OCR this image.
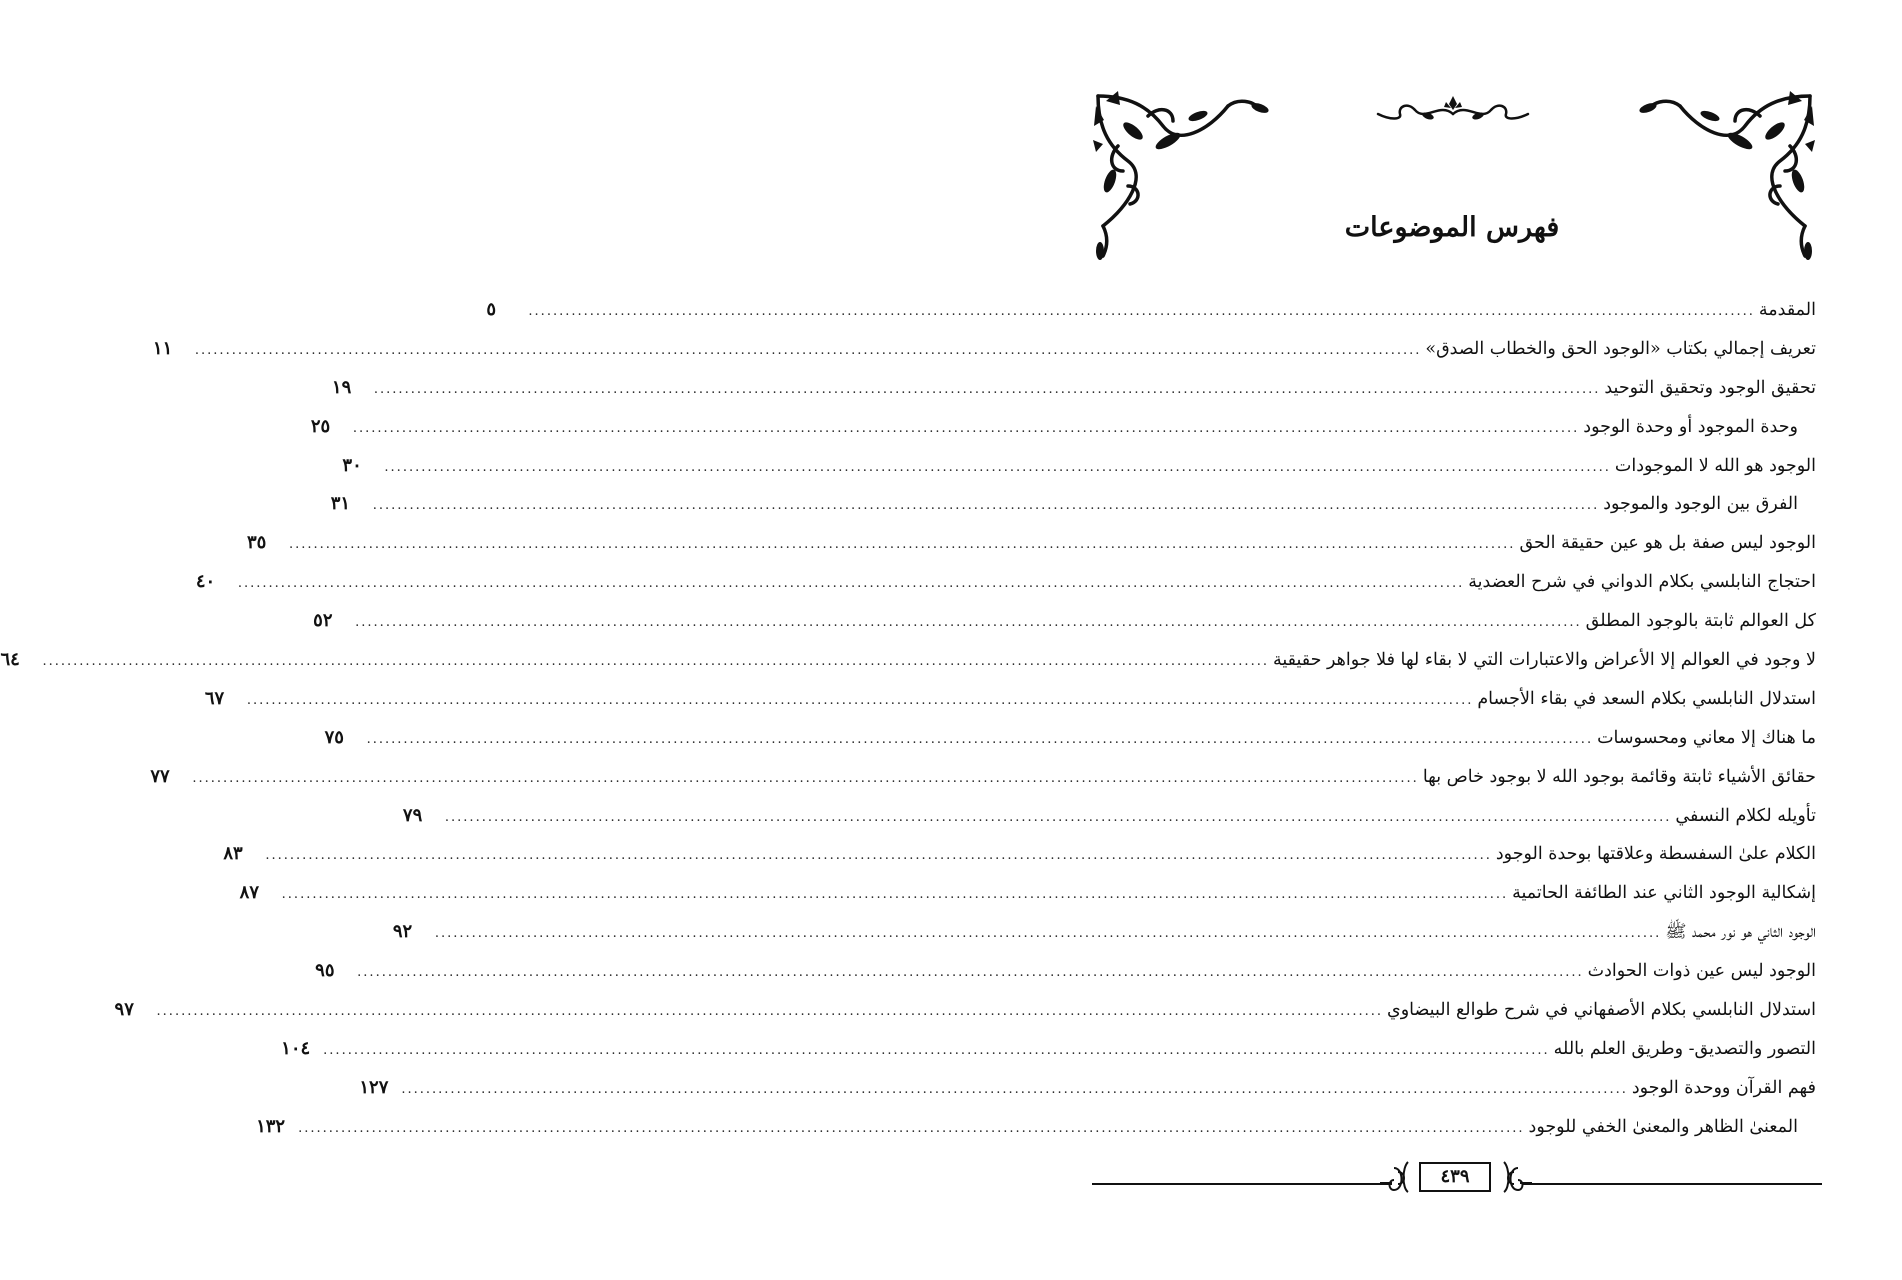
فهرس الموضوعات
المقدمة
........................................................................................................................................................................................................
٥
تعريف إجمالي بكتاب «الوجود الحق والخطاب الصدق»
........................................................................................................................................................................................................
١١
تحقيق الوجود وتحقيق التوحيد
........................................................................................................................................................................................................
١٩
وحدة الموجود أو وحدة الوجود
........................................................................................................................................................................................................
٢٥
الوجود هو الله لا الموجودات
........................................................................................................................................................................................................
٣٠
الفرق بين الوجود والموجود
........................................................................................................................................................................................................
٣١
الوجود ليس صفة بل هو عين حقيقة الحق
........................................................................................................................................................................................................
٣٥
احتجاج النابلسي بكلام الدواني في شرح العضدية
........................................................................................................................................................................................................
٤٠
كل العوالم ثابتة بالوجود المطلق
........................................................................................................................................................................................................
٥٢
لا وجود في العوالم إلا الأعراض والاعتبارات التي لا بقاء لها فلا جواهر حقيقية
........................................................................................................................................................................................................
٦٤
استدلال النابلسي بكلام السعد في بقاء الأجسام
........................................................................................................................................................................................................
٦٧
ما هناك إلا معاني ومحسوسات
........................................................................................................................................................................................................
٧٥
حقائق الأشياء ثابتة وقائمة بوجود الله لا بوجود خاص بها
........................................................................................................................................................................................................
٧٧
تأويله لكلام النسفي
........................................................................................................................................................................................................
٧٩
الكلام علىٰ السفسطة وعلاقتها بوحدة الوجود
........................................................................................................................................................................................................
٨٣
إشكالية الوجود الثاني عند الطائفة الحاتمية
........................................................................................................................................................................................................
٨٧
الوجود الثاني هو نور محمد ﷺ
........................................................................................................................................................................................................
٩٢
الوجود ليس عين ذوات الحوادث
........................................................................................................................................................................................................
٩٥
استدلال النابلسي بكلام الأصفهاني في شرح طوالع البيضاوي
........................................................................................................................................................................................................
٩٧
التصور والتصديق- وطريق العلم بالله
........................................................................................................................................................................................................
١٠٤
فهم القرآن ووحدة الوجود
........................................................................................................................................................................................................
١٢٧
المعنىٰ الظاهر والمعنىٰ الخفي للوجود
........................................................................................................................................................................................................
١٣٢
٤٣٩
